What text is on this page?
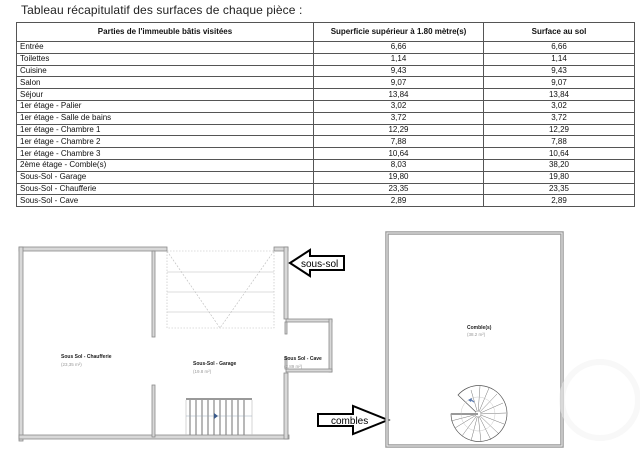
Tableau récapitulatif des surfaces de chaque pièce :
Parties de l'immeuble bâtis visitées	Superficie supérieur à 1.80 mètre(s)	Surface au sol
Entrée	6,66	6,66
Toilettes	1,14	1,14
Cuisine	9,43	9,43
Salon	9,07	9,07
Séjour	13,84	13,84
1er étage - Palier	3,02	3,02
1er étage - Salle de bains	3,72	3,72
1er étage - Chambre 1	12,29	12,29
1er étage - Chambre 2	7,88	7,88
1er étage - Chambre 3	10,64	10,64
2ème étage - Comble(s)	8,03	38,20
Sous-Sol - Garage	19,80	19,80
Sous-Sol - Chaufferie	23,35	23,35
Sous-Sol - Cave	2,89	2,89
Sous Sol - Chaufferie
(23,35 m²)	Sous-Sol - Garage
(19.8 m²)
Sous Sol - Cave
(2,89 m²)
sous-sol
combles
Comble(s)
(38.2 m²)
